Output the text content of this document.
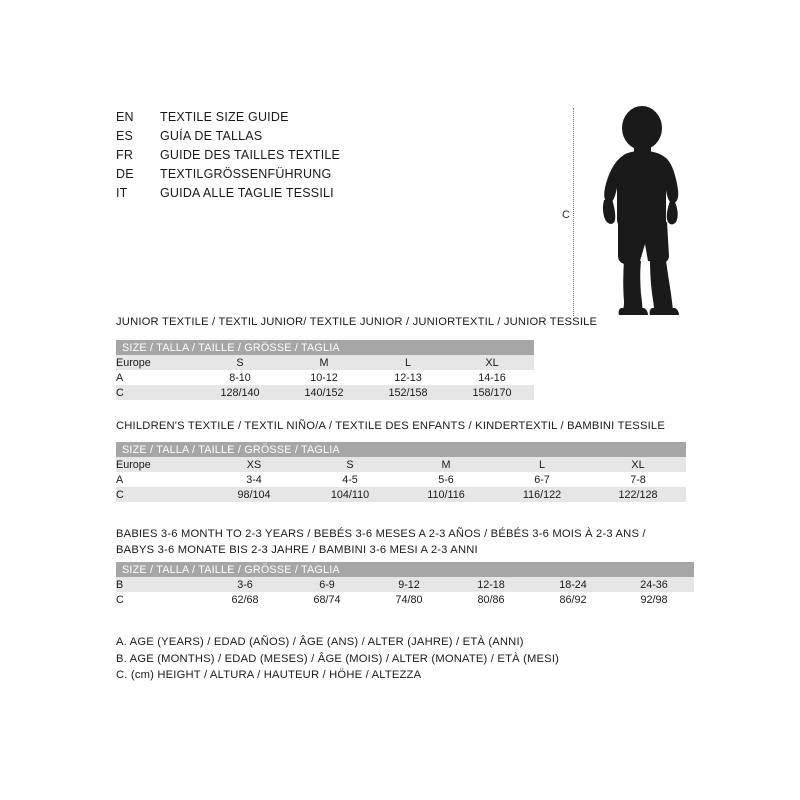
EN	TEXTILE SIZE GUIDE
ES	GUÍA DE TALLAS
FR	GUIDE DES TAILLES TEXTILE
DE	TEXTILGRÖSSENFÜHRUNG
IT	GUIDA ALLE TAGLIE TESSILI
C
JUNIOR TEXTILE / TEXTIL JUNIOR/ TEXTILE JUNIOR / JUNIORTEXTIL / JUNIOR TESSILE
SIZE / TALLA / TAILLE / GRÖSSE / TAGLIA				
Europe	S	M	L	XL
A	8-10	10-12	12-13	14-16
C	128/140	140/152	152/158	158/170
CHILDREN'S TEXTILE / TEXTIL NIÑO/A / TEXTILE DES ENFANTS / KINDERTEXTIL / BAMBINI TESSILE
SIZE / TALLA / TAILLE / GRÖSSE / TAGLIA					
Europe	XS	S	M	L	XL
A	3-4	4-5	5-6	6-7	7-8
C	98/104	104/110	110/116	116/122	122/128
BABIES 3-6 MONTH TO 2-3 YEARS / BEBÉS 3-6 MESES A 2-3 AÑOS / BÉBÉS 3-6 MOIS À 2-3 ANS /
BABYS 3-6 MONATE BIS 2-3 JAHRE / BAMBINI 3-6 MESI A 2-3 ANNI
SIZE / TALLA / TAILLE / GRÖSSE / TAGLIA						
B	3-6	6-9	9-12	12-18	18-24	24-36
C	62/68	68/74	74/80	80/86	86/92	92/98
A. AGE (YEARS) / EDAD (AÑOS) / ÂGE (ANS) / ALTER (JAHRE) / ETÀ (ANNI)
B. AGE (MONTHS) / EDAD (MESES) / ÂGE (MOIS) / ALTER (MONATE) / ETÀ (MESI)
C. (cm) HEIGHT / ALTURA / HAUTEUR / HÖHE / ALTEZZA
